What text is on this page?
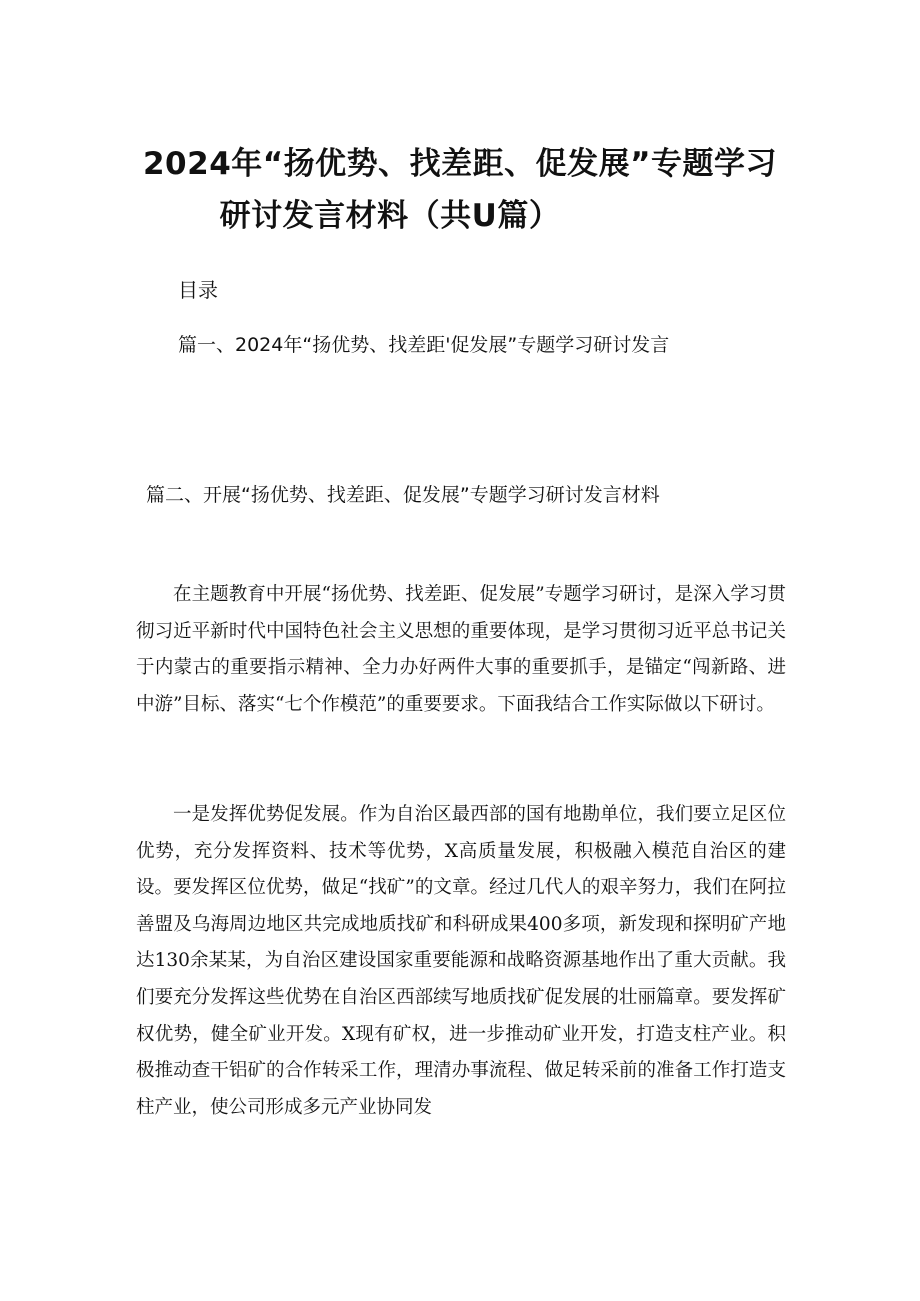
2024年“扬优势、找差距、促发展”专题学习
研讨发言材料（共U篇）
目录
篇一、2024年“扬优势、找差距'促发展”专题学习研讨发言
篇二、开展“扬优势、找差距、促发展”专题学习研讨发言材料
在主题教育中开展“扬优势、找差距、促发展”专题学习研讨，是深入学习贯彻习近平新时代中国特色社会主义思想的重要体现，是学习贯彻习近平总书记关于内蒙古的重要指示精神、全力办好两件大事的重要抓手，是锚定“闯新路、进中游”目标、落实“七个作模范”的重要要求。下面我结合工作实际做以下研讨。
一是发挥优势促发展。作为自治区最西部的国有地勘单位，我们要立足区位优势，充分发挥资料、技术等优势，X高质量发展，积极融入模范自治区的建设。要发挥区位优势，做足“找矿”的文章。经过几代人的艰辛努力，我们在阿拉善盟及乌海周边地区共完成地质找矿和科研成果400多项，新发现和探明矿产地达130余某某，为自治区建设国家重要能源和战略资源基地作出了重大贡献。我们要充分发挥这些优势在自治区西部续写地质找矿促发展的壮丽篇章。要发挥矿权优势，健全矿业开发。X现有矿权，进一步推动矿业开发，打造支柱产业。积极推动查干铝矿的合作转采工作，理清办事流程、做足转采前的准备工作打造支柱产业，使公司形成多元产业协同发
